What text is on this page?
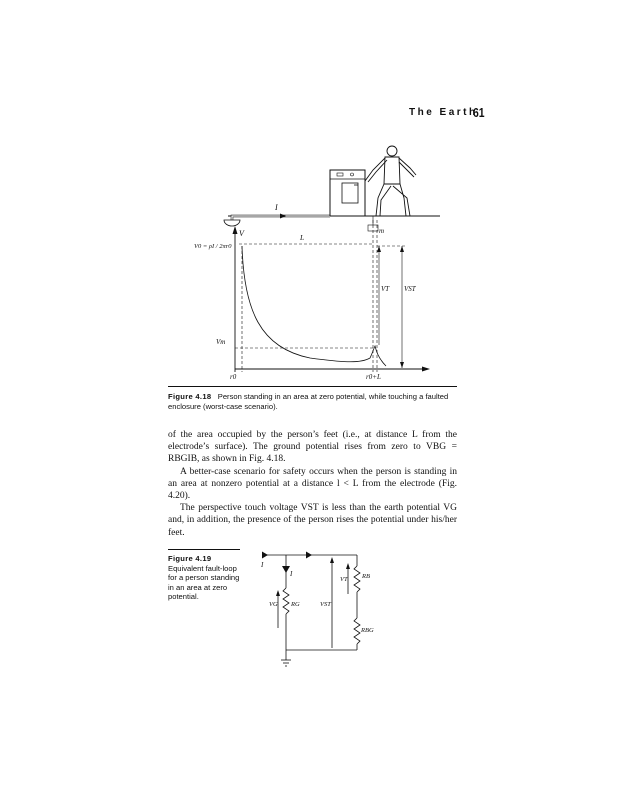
The Earth
61
I
m
V
V0 = ρI / 2πr0
L
VT VST
Vm
r0	r0+L
Figure 4.18 Person standing in an area at zero potential, while touching a faulted enclosure (worst-case scenario).

of the area occupied by the person’s feet (i.e., at distance L from the electrode’s surface). The ground potential rises from zero to VBG = RBGIB, as shown in Fig. 4.18.

A better-case scenario for safety occurs when the person is standing in an area at nonzero potential at a distance l < L from the electrode (Fig. 4.20).

The perspective touch voltage VST is less than the earth potential VG and, in addition, the presence of the person rises the potential under his/her feet.

Figure 4.19
Equivalent fault-loop for a person standing in an area at zero potential.
I
I
VG RG	VST
VT RB
RBG
